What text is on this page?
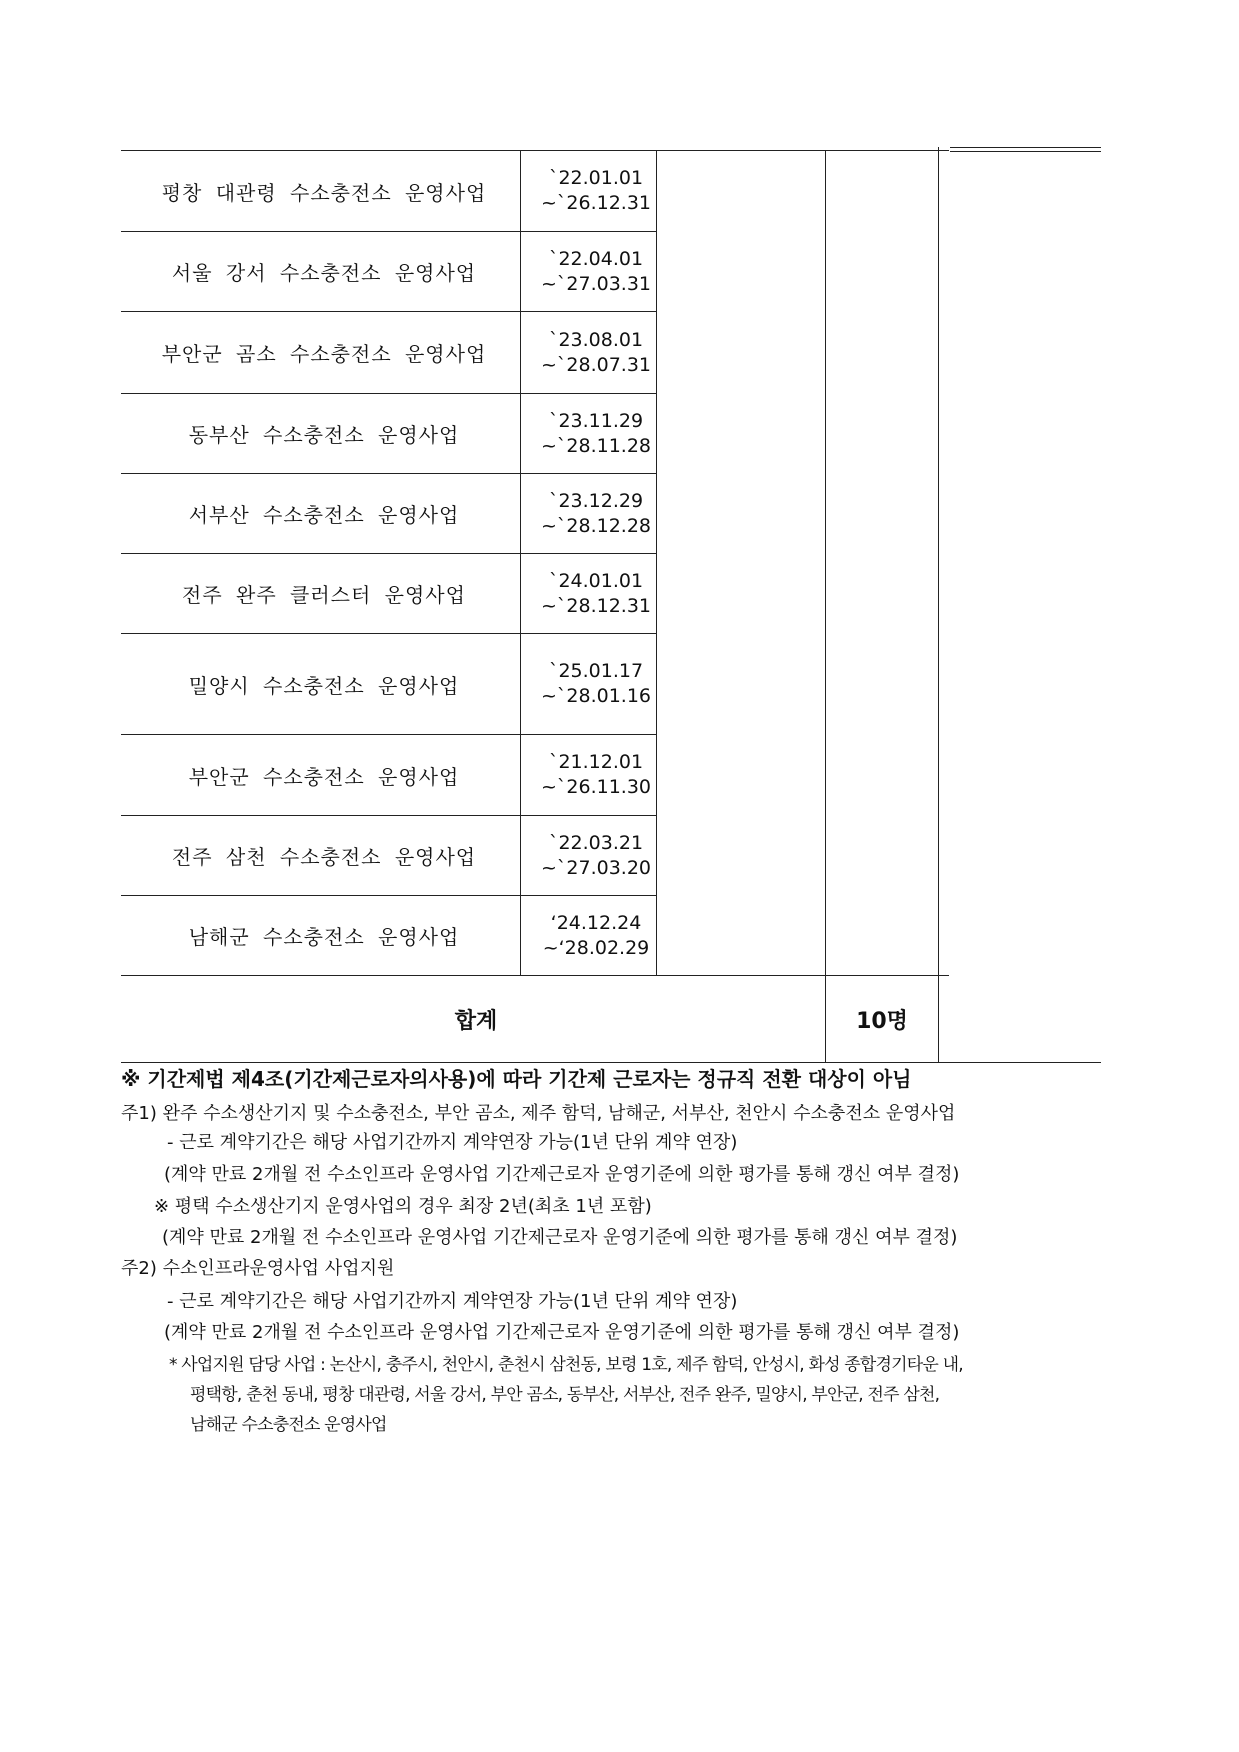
평창 대관령 수소충전소 운영사업
`22.01.01
~`26.12.31
서울 강서 수소충전소 운영사업
`22.04.01
~`27.03.31
부안군 곰소 수소충전소 운영사업
`23.08.01
~`28.07.31
동부산 수소충전소 운영사업
`23.11.29
~`28.11.28
서부산 수소충전소 운영사업
`23.12.29
~`28.12.28
전주 완주 클러스터 운영사업
`24.01.01
~`28.12.31
밀양시 수소충전소 운영사업
`25.01.17
~`28.01.16
부안군 수소충전소 운영사업
`21.12.01
~`26.11.30
전주 삼천 수소충전소 운영사업
`22.03.21
~`27.03.20
남해군 수소충전소 운영사업
‘24.12.24
~‘28.02.29
합계	10명
※ 기간제법 제4조(기간제근로자의사용)에 따라 기간제 근로자는 정규직 전환 대상이 아님
주1) 완주 수소생산기지 및 수소충전소, 부안 곰소, 제주 함덕, 남해군, 서부산, 천안시 수소충전소 운영사업
- 근로 계약기간은 해당 사업기간까지 계약연장 가능(1년 단위 계약 연장)
(계약 만료 2개월 전 수소인프라 운영사업 기간제근로자 운영기준에 의한 평가를 통해 갱신 여부 결정)
※ 평택 수소생산기지 운영사업의 경우 최장 2년(최초 1년 포함)
(계약 만료 2개월 전 수소인프라 운영사업 기간제근로자 운영기준에 의한 평가를 통해 갱신 여부 결정)
주2) 수소인프라운영사업 사업지원
- 근로 계약기간은 해당 사업기간까지 계약연장 가능(1년 단위 계약 연장)
(계약 만료 2개월 전 수소인프라 운영사업 기간제근로자 운영기준에 의한 평가를 통해 갱신 여부 결정)
* 사업지원 담당 사업 : 논산시, 충주시, 천안시, 춘천시 삼천동, 보령 1호, 제주 함덕, 안성시, 화성 종합경기타운 내,
평택항, 춘천 동내, 평창 대관령, 서울 강서, 부안 곰소, 동부산, 서부산, 전주 완주, 밀양시, 부안군, 전주 삼천,
남해군 수소충전소 운영사업
